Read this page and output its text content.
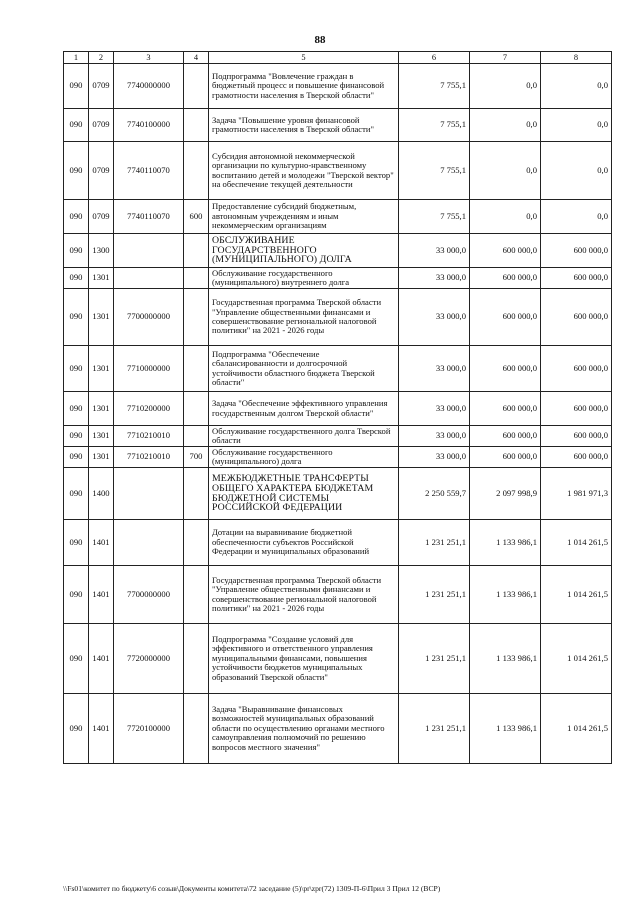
88
1	2	3	4	5	6	7	8
090	0709	7740000000		Подпрограмма "Вовлечение граждан в бюджетный процесс и повышение финансовой грамотности населения в Тверской области"	7 755,1	0,0	0,0
090	0709	7740100000		Задача "Повышение уровня финансовой грамотности населения в Тверской области"	7 755,1	0,0	0,0
090	0709	7740110070		Субсидия автономной некоммерческой организации по культурно-нравственному воспитанию детей и молодежи "Тверской вектор" на обеспечение текущей деятельности	7 755,1	0,0	0,0
090	0709	7740110070	600	Предоставление субсидий бюджетным, автономным учреждениям и иным некоммерческим организациям	7 755,1	0,0	0,0
090	1300			ОБСЛУЖИВАНИЕ ГОСУДАРСТВЕННОГО (МУНИЦИПАЛЬНОГО) ДОЛГА	33 000,0	600 000,0	600 000,0
090	1301			Обслуживание государственного (муниципального) внутреннего долга	33 000,0	600 000,0	600 000,0
090	1301	7700000000		Государственная программа Тверской области "Управление общественными финансами и совершенствование региональной налоговой политики" на 2021 - 2026 годы	33 000,0	600 000,0	600 000,0
090	1301	7710000000		Подпрограмма "Обеспечение сбалансированности и долгосрочной устойчивости областного бюджета Тверской области"	33 000,0	600 000,0	600 000,0
090	1301	7710200000		Задача "Обеспечение эффективного управления государственным долгом Тверской области"	33 000,0	600 000,0	600 000,0
090	1301	7710210010		Обслуживание государственного долга Тверской области	33 000,0	600 000,0	600 000,0
090	1301	7710210010	700	Обслуживание государственного (муниципального) долга	33 000,0	600 000,0	600 000,0
090	1400			МЕЖБЮДЖЕТНЫЕ ТРАНСФЕРТЫ ОБЩЕГО ХАРАКТЕРА БЮДЖЕТАМ БЮДЖЕТНОЙ СИСТЕМЫ РОССИЙСКОЙ ФЕДЕРАЦИИ	2 250 559,7	2 097 998,9	1 981 971,3
090	1401			Дотации на выравнивание бюджетной обеспеченности субъектов Российской Федерации и муниципальных образований	1 231 251,1	1 133 986,1	1 014 261,5
090	1401	7700000000		Государственная программа Тверской области "Управление общественными финансами и совершенствование региональной налоговой политики" на 2021 - 2026 годы	1 231 251,1	1 133 986,1	1 014 261,5
090	1401	7720000000		Подпрограмма "Создание условий для эффективного и ответственного управления муниципальными финансами, повышения устойчивости бюджетов муниципальных образований Тверской области"	1 231 251,1	1 133 986,1	1 014 261,5
090	1401	7720100000		Задача "Выравнивание финансовых возможностей муниципальных образований области по осуществлению органами местного самоуправления полномочий по решению вопросов местного значения"	1 231 251,1	1 133 986,1	1 014 261,5
\\Fs01\комитет по бюджету\6 созыв\Документы комитета\72 заседание (5)\pr\zpr(72) 1309-П-6\Прил 3 Прил 12 (ВСР)
